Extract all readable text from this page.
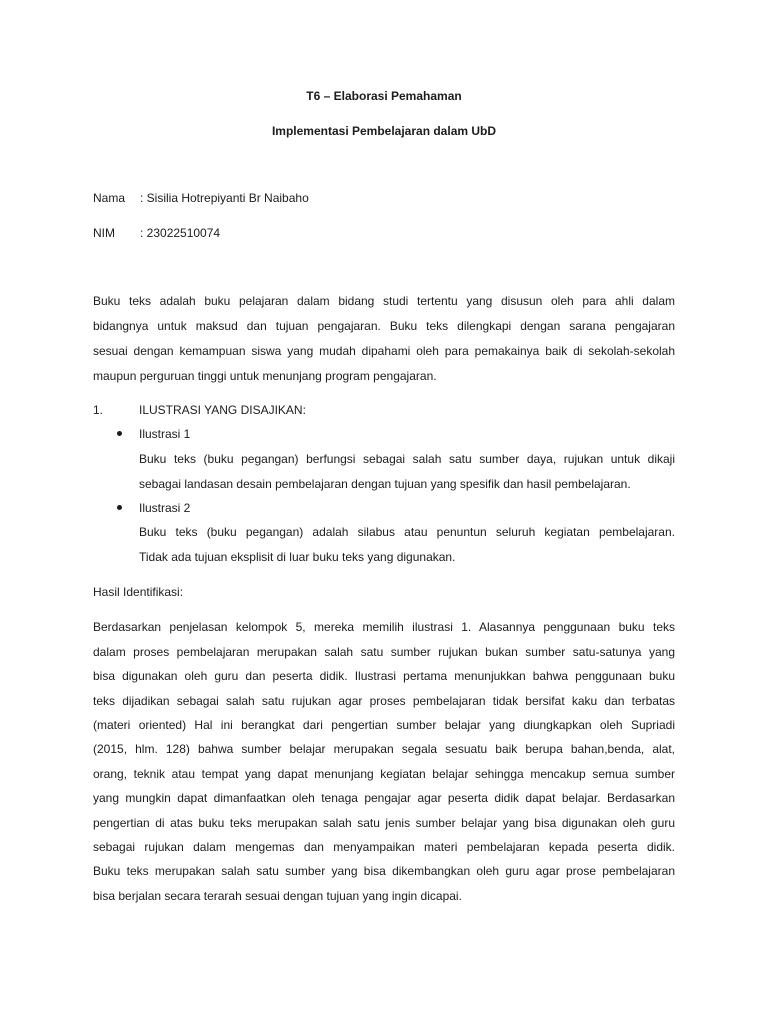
T6 – Elaborasi Pemahaman
Implementasi Pembelajaran dalam UbD
Nama : Sisilia Hotrepiyanti Br Naibaho
NIM : 23022510074
Buku teks adalah buku pelajaran dalam bidang studi tertentu yang disusun oleh para ahli dalam
bidangnya untuk maksud dan tujuan pengajaran. Buku teks dilengkapi dengan sarana pengajaran
sesuai dengan kemampuan siswa yang mudah dipahami oleh para pemakainya baik di sekolah-sekolah
maupun perguruan tinggi untuk menunjang program pengajaran.
1.	ILUSTRASI YANG DISAJIKAN:
Ilustrasi 1
Buku teks (buku pegangan) berfungsi sebagai salah satu sumber daya, rujukan untuk dikaji
sebagai landasan desain pembelajaran dengan tujuan yang spesifik dan hasil pembelajaran.
Ilustrasi 2
Buku teks (buku pegangan) adalah silabus atau penuntun seluruh kegiatan pembelajaran.
Tidak ada tujuan eksplisit di luar buku teks yang digunakan.
Hasil Identifikasi:
Berdasarkan penjelasan kelompok 5, mereka memilih ilustrasi 1. Alasannya penggunaan buku teks
dalam proses pembelajaran merupakan salah satu sumber rujukan bukan sumber satu-satunya yang
bisa digunakan oleh guru dan peserta didik. Ilustrasi pertama menunjukkan bahwa penggunaan buku
teks dijadikan sebagai salah satu rujukan agar proses pembelajaran tidak bersifat kaku dan terbatas
(materi oriented) Hal ini berangkat dari pengertian sumber belajar yang diungkapkan oleh Supriadi
(2015, hlm. 128) bahwa sumber belajar merupakan segala sesuatu baik berupa bahan,benda, alat,
orang, teknik atau tempat yang dapat menunjang kegiatan belajar sehingga mencakup semua sumber
yang mungkin dapat dimanfaatkan oleh tenaga pengajar agar peserta didik dapat belajar. Berdasarkan
pengertian di atas buku teks merupakan salah satu jenis sumber belajar yang bisa digunakan oleh guru
sebagai rujukan dalam mengemas dan menyampaikan materi pembelajaran kepada peserta didik.
Buku teks merupakan salah satu sumber yang bisa dikembangkan oleh guru agar prose pembelajaran
bisa berjalan secara terarah sesuai dengan tujuan yang ingin dicapai.
